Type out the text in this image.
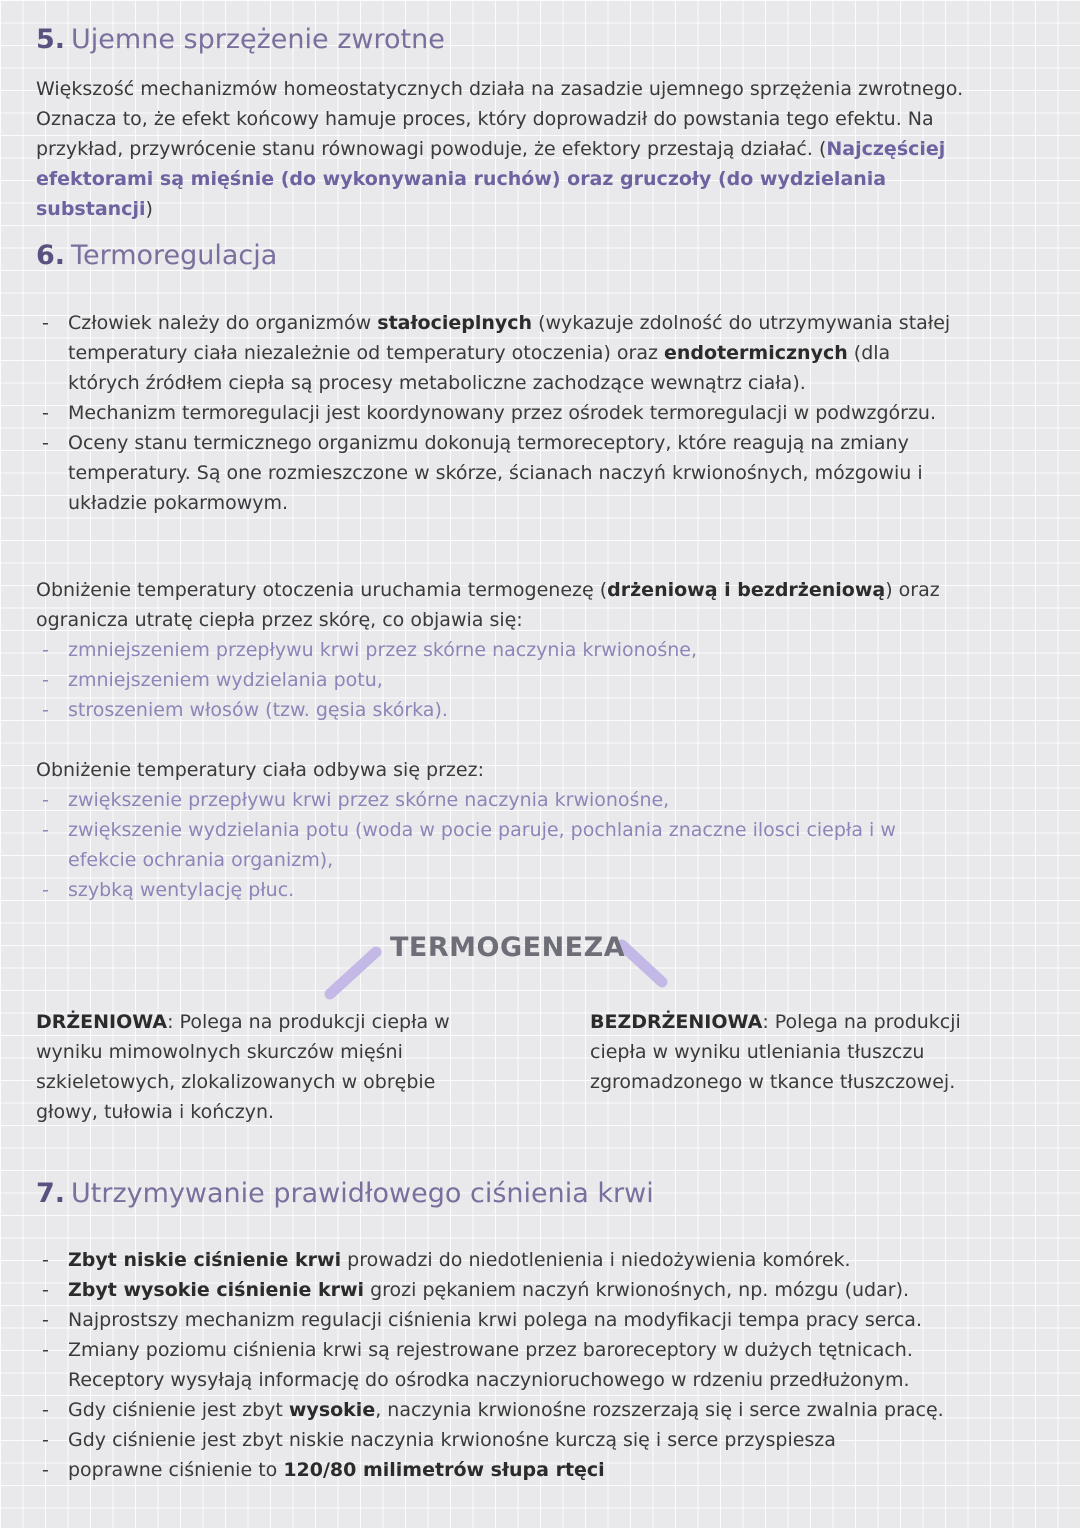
5. Ujemne sprzężenie zwrotne
Większość mechanizmów homeostatycznych działa na zasadzie ujemnego sprzężenia zwrotnego. Oznacza to, że efekt końcowy hamuje proces, który doprowadził do powstania tego efektu. Na przykład, przywrócenie stanu równowagi powoduje, że efektory przestają działać. (Najczęściej efektorami są mięśnie (do wykonywania ruchów) oraz gruczoły (do wydzielania substancji)
6. Termoregulacja
- Człowiek należy do organizmów stałocieplnych (wykazuje zdolność do utrzymywania stałej temperatury ciała niezależnie od temperatury otoczenia) oraz endotermicznych (dla których źródłem ciepła są procesy metaboliczne zachodzące wewnątrz ciała).
- Mechanizm termoregulacji jest koordynowany przez ośrodek termoregulacji w podwzgórzu.
- Oceny stanu termicznego organizmu dokonują termoreceptory, które reagują na zmiany temperatury. Są one rozmieszczone w skórze, ścianach naczyń krwionośnych, mózgowiu i układzie pokarmowym.
Obniżenie temperatury otoczenia uruchamia termogenezę (drżeniową i bezdrżeniową) oraz ogranicza utratę ciepła przez skórę, co objawia się:
- zmniejszeniem przepływu krwi przez skórne naczynia krwionośne,
- zmniejszeniem wydzielania potu,
- stroszeniem włosów (tzw. gęsia skórka).
Obniżenie temperatury ciała odbywa się przez:
- zwiększenie przepływu krwi przez skórne naczynia krwionośne,
- zwiększenie wydzielania potu (woda w pocie paruje, pochlania znaczne ilosci ciepła i w efekcie ochrania organizm),
- szybką wentylację płuc.
TERMOGENEZA
DRŻENIOWA: Polega na produkcji ciepła w wyniku mimowolnych skurczów mięśni szkieletowych, zlokalizowanych w obrębie głowy, tułowia i kończyn.
BEZDRŻENIOWA: Polega na produkcji ciepła w wyniku utleniania tłuszczu zgromadzonego w tkance tłuszczowej.
7. Utrzymywanie prawidłowego ciśnienia krwi
- Zbyt niskie ciśnienie krwi prowadzi do niedotlenienia i niedożywienia komórek.
- Zbyt wysokie ciśnienie krwi grozi pękaniem naczyń krwionośnych, np. mózgu (udar).
- Najprostszy mechanizm regulacji ciśnienia krwi polega na modyfikacji tempa pracy serca.
- Zmiany poziomu ciśnienia krwi są rejestrowane przez baroreceptory w dużych tętnicach. Receptory wysyłają informację do ośrodka naczynioruchowego w rdzeniu przedłużonym.
- Gdy ciśnienie jest zbyt wysokie, naczynia krwionośne rozszerzają się i serce zwalnia pracę.
- Gdy ciśnienie jest zbyt niskie naczynia krwionośne kurczą się i serce przyspiesza
- poprawne ciśnienie to 120/80 milimetrów słupa rtęci
